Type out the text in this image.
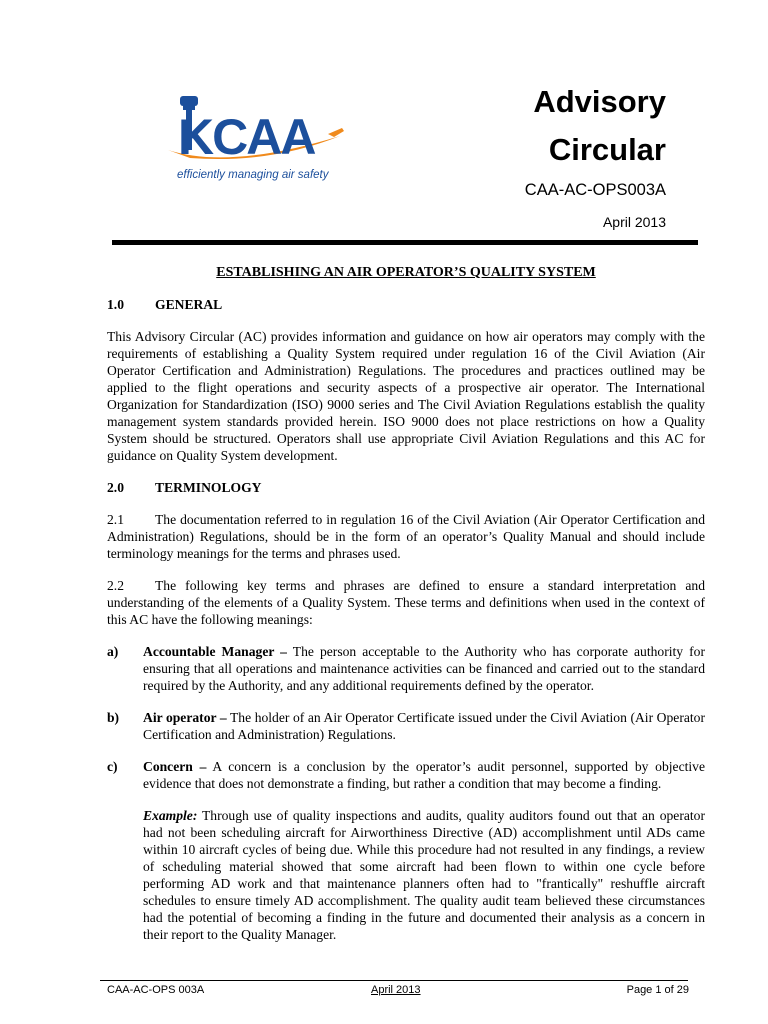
KCAA
efficiently managing air safety
Advisory
Circular
CAA-AC-OPS003A
April 2013
ESTABLISHING AN AIR OPERATOR’S QUALITY SYSTEM
1.0 GENERAL

This Advisory Circular (AC) provides information and guidance on how air operators may comply with the requirements of establishing a Quality System required under regulation 16 of the Civil Aviation (Air Operator Certification and Administration) Regulations. The procedures and practices outlined may be applied to the flight operations and security aspects of a prospective air operator. The International Organization for Standardization (ISO) 9000 series and The Civil Aviation Regulations establish the quality management system standards provided herein. ISO 9000 does not place restrictions on how a Quality System should be structured. Operators shall use appropriate Civil Aviation Regulations and this AC for guidance on Quality System development.

2.0 TERMINOLOGY

2.1 The documentation referred to in regulation 16 of the Civil Aviation (Air Operator Certification and Administration) Regulations, should be in the form of an operator’s Quality Manual and should include terminology meanings for the terms and phrases used.

2.2 The following key terms and phrases are defined to ensure a standard interpretation and understanding of the elements of a Quality System. These terms and definitions when used in the context of this AC have the following meanings:

a)	Accountable Manager – The person acceptable to the Authority who has corporate authority for ensuring that all operations and maintenance activities can be financed and carried out to the standard required by the Authority, and any additional requirements defined by the operator.
b)	Air operator – The holder of an Air Operator Certificate issued under the Civil Aviation (Air Operator Certification and Administration) Regulations.
c)	Concern – A concern is a conclusion by the operator’s audit personnel, supported by objective evidence that does not demonstrate a finding, but rather a condition that may become a finding.
Example: Through use of quality inspections and audits, quality auditors found out that an operator had not been scheduling aircraft for Airworthiness Directive (AD) accomplishment until ADs came within 10 aircraft cycles of being due. While this procedure had not resulted in any findings, a review of scheduling material showed that some aircraft had been flown to within one cycle before performing AD work and that maintenance planners often had to "frantically" reshuffle aircraft schedules to ensure timely AD accomplishment. The quality audit team believed these circumstances had the potential of becoming a finding in the future and documented their analysis as a concern in their report to the Quality Manager.
CAA-AC-OPS 003A	April 2013	Page 1 of 29
